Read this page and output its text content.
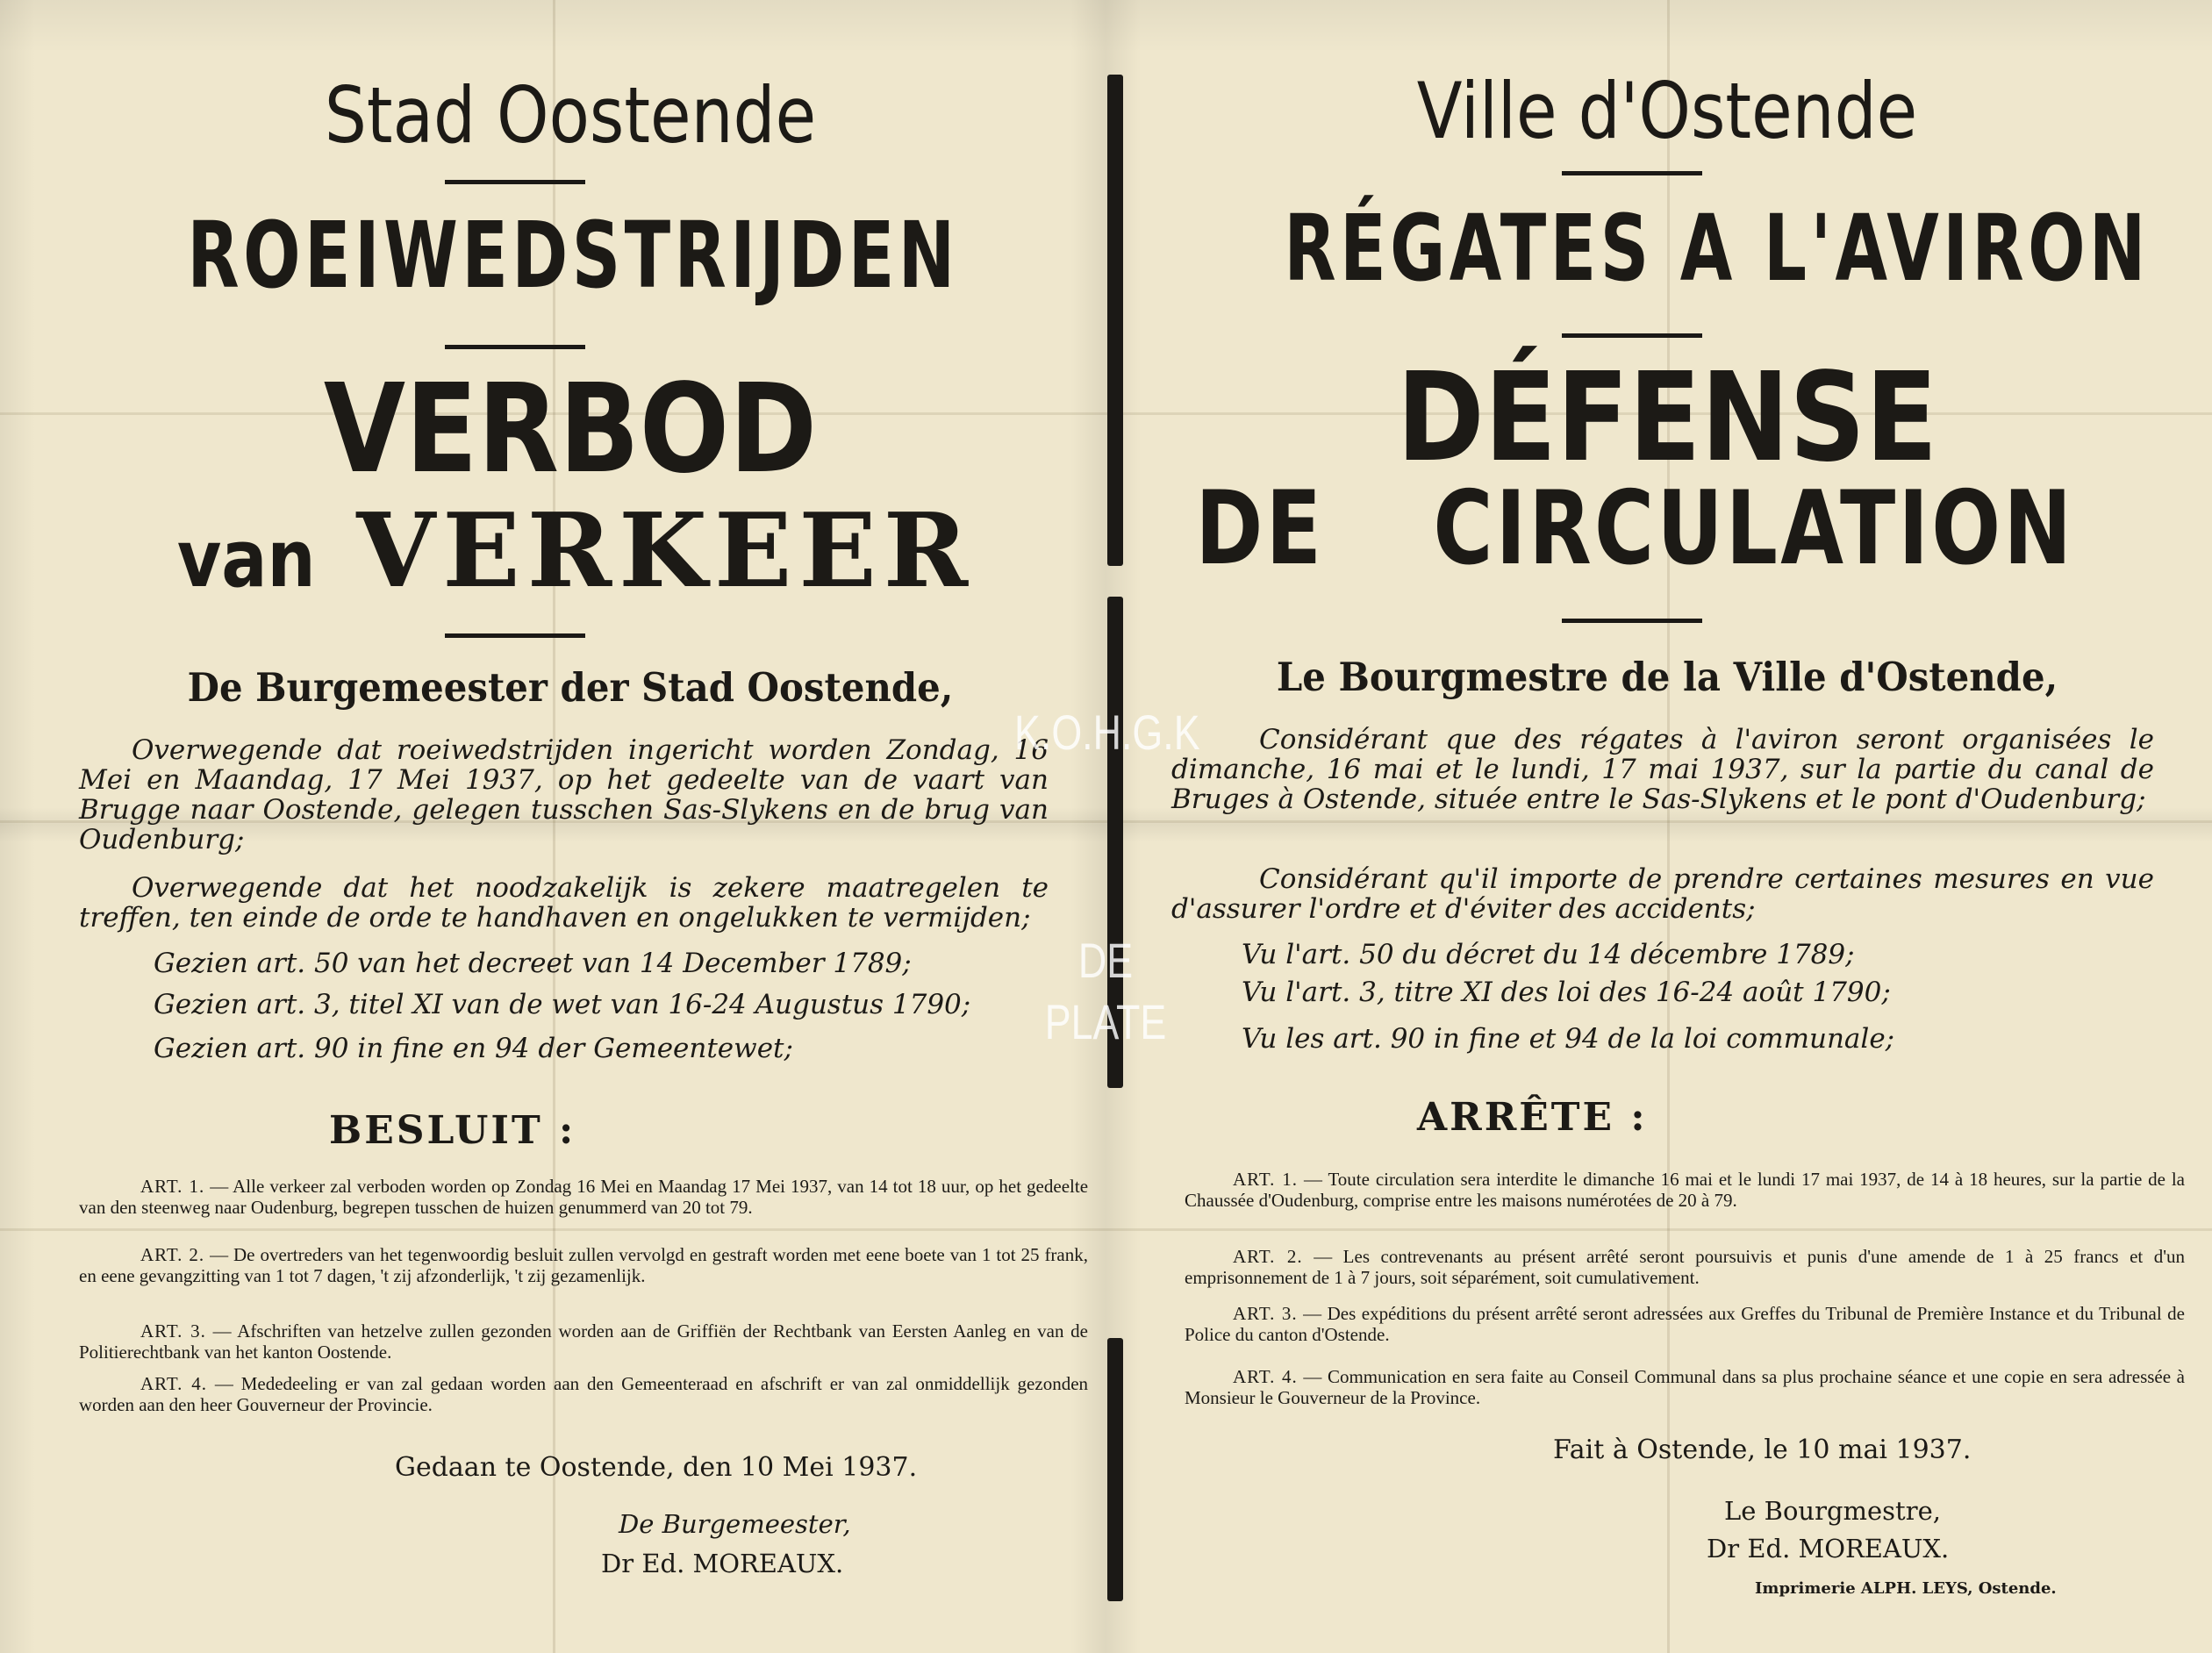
Stad Oostende
ROEIWEDSTRIJDEN
VERBOD
van VERKEER
De Burgemeester der Stad Oostende,
Overwegende dat roeiwedstrijden ingericht worden Zondag, 16 Mei en Maandag, 17 Mei 1937, op het gedeelte van de vaart van Brugge naar Oostende, gelegen tusschen Sas-Slykens en de brug van Oudenburg;
Overwegende dat het noodzakelijk is zekere maatregelen te treffen, ten einde de orde te handhaven en ongelukken te vermijden;
Gezien art. 50 van het decreet van 14 December 1789;
Gezien art. 3, titel XI van de wet van 16-24 Augustus 1790;
Gezien art. 90 in fine en 94 der Gemeentewet;
BESLUIT :
ART. 1. — Alle verkeer zal verboden worden op Zondag 16 Mei en Maandag 17 Mei 1937, van 14 tot 18 uur, op het gedeelte van den steenweg naar Oudenburg, begrepen tusschen de huizen genummerd van 20 tot 79.
ART. 2. — De overtreders van het tegenwoordig besluit zullen vervolgd en gestraft worden met eene boete van 1 tot 25 frank, en eene gevangzitting van 1 tot 7 dagen, 't zij afzonderlijk, 't zij gezamenlijk.
ART. 3. — Afschriften van hetzelve zullen gezonden worden aan de Griffiën der Rechtbank van Eersten Aanleg en van de Politierechtbank van het kanton Oostende.
ART. 4. — Mededeeling er van zal gedaan worden aan den Gemeenteraad en afschrift er van zal onmiddellijk gezonden worden aan den heer Gouverneur der Provincie.
Gedaan te Oostende, den 10 Mei 1937.
De Burgemeester,
Dr Ed. MOREAUX.
Ville d'Ostende
RÉGATES A L'AVIRON
DÉFENSE
DE CIRCULATION
Le Bourgmestre de la Ville d'Ostende,
Considérant que des régates à l'aviron seront organisées le dimanche, 16 mai et le lundi, 17 mai 1937, sur la partie du canal de Bruges à Ostende, située entre le Sas-Slykens et le pont d'Oudenburg;
Considérant qu'il importe de prendre certaines mesures en vue d'assurer l'ordre et d'éviter des accidents;
Vu l'art. 50 du décret du 14 décembre 1789;
Vu l'art. 3, titre XI des loi des 16-24 août 1790;
Vu les art. 90 in fine et 94 de la loi communale;
ARRÊTE :
ART. 1. — Toute circulation sera interdite le dimanche 16 mai et le lundi 17 mai 1937, de 14 à 18 heures, sur la partie de la Chaussée d'Oudenburg, comprise entre les maisons numérotées de 20 à 79.
ART. 2. — Les contrevenants au présent arrêté seront poursuivis et punis d'une amende de 1 à 25 francs et d'un emprisonnement de 1 à 7 jours, soit séparément, soit cumulativement.
ART. 3. — Des expéditions du présent arrêté seront adressées aux Greffes du Tribunal de Première Instance et du Tribunal de Police du canton d'Ostende.
ART. 4. — Communication en sera faite au Conseil Communal dans sa plus prochaine séance et une copie en sera adressée à Monsieur le Gouverneur de la Province.
Fait à Ostende, le 10 mai 1937.
Le Bourgmestre,
Dr Ed. MOREAUX.
Imprimerie ALPH. LEYS, Ostende.
K.O.H.G.K
DE PLATE
